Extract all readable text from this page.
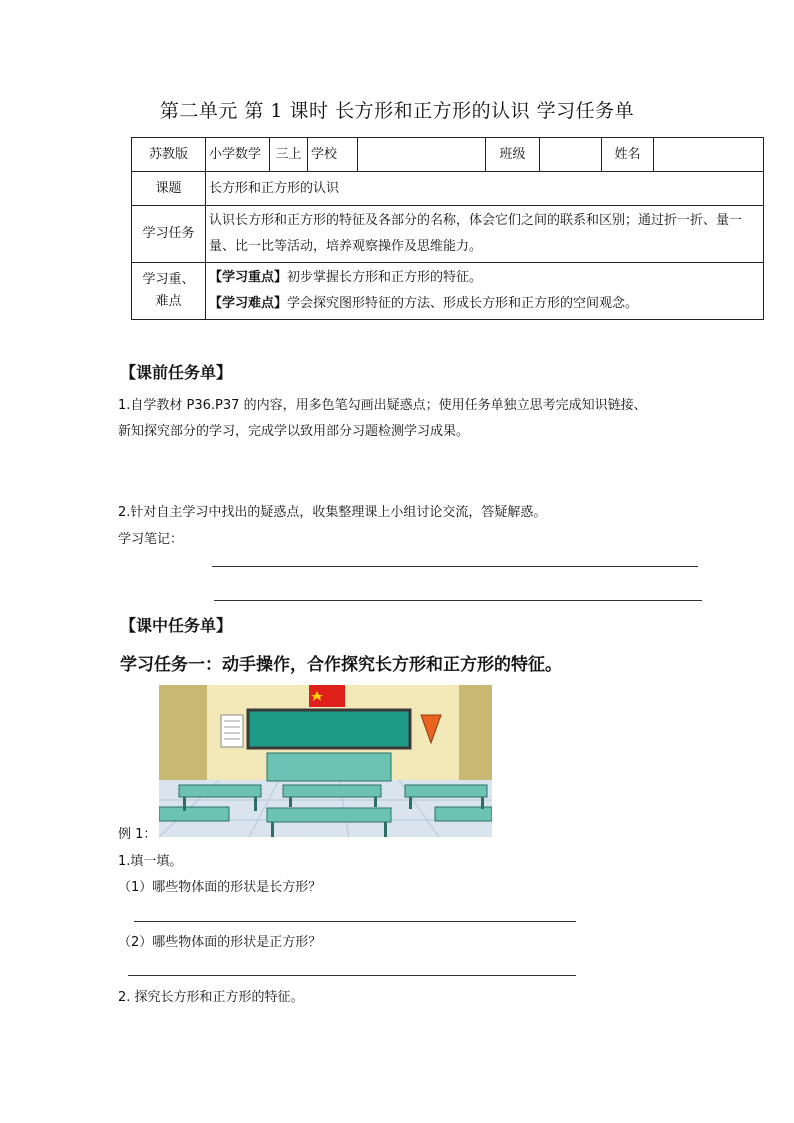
第二单元 第 1 课时 长方形和正方形的认识 学习任务单
苏教版	小学数学	三上	学校		班级		姓名	
课题	长方形和正方形的认识							
学习任务	认识长方形和正方形的特征及各部分的名称，体会它们之间的联系和区别；通过折一折、量一量、比一比等活动，培养观察操作及思维能力。							
学习重、
难点	【学习重点】初步掌握长方形和正方形的特征。
【学习难点】学会探究图形特征的方法、形成长方形和正方形的空间观念。							
【课前任务单】
1.自学教材 P36.P37 的内容，用多色笔勾画出疑惑点；使用任务单独立思考完成知识链接、
新知探究部分的学习，完成学以致用部分习题检测学习成果。
2.针对自主学习中找出的疑惑点，收集整理课上小组讨论交流，答疑解惑。
学习笔记：
【课中任务单】
学习任务一：动手操作，合作探究长方形和正方形的特征。
例 1：
1.填一填。
（1）哪些物体面的形状是长方形？
（2）哪些物体面的形状是正方形？
2. 探究长方形和正方形的特征。
